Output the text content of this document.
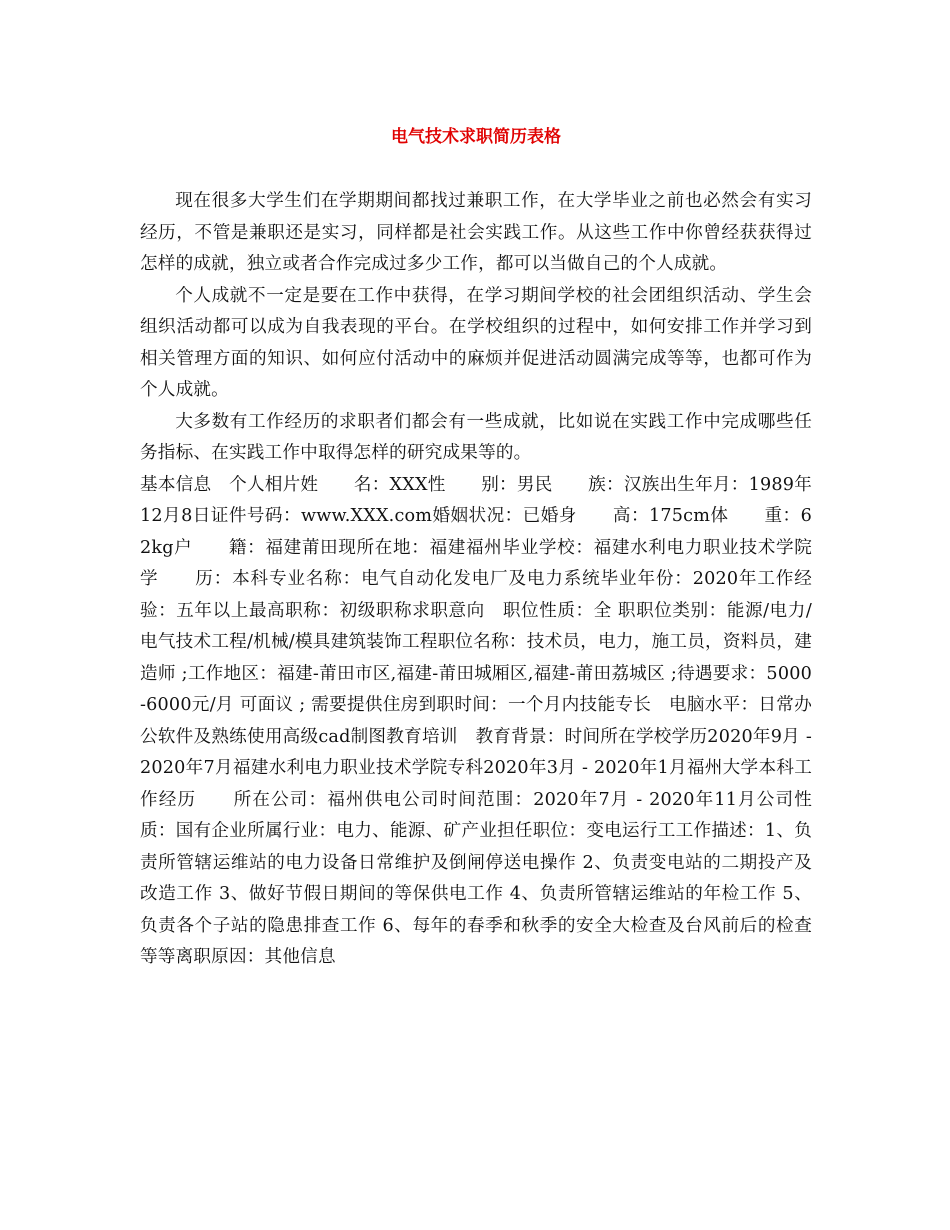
电气技术求职简历表格

现在很多大学生们在学期期间都找过兼职工作，在大学毕业之前也必然会有实习经历，不管是兼职还是实习，同样都是社会实践工作。从这些工作中你曾经获获得过怎样的成就，独立或者合作完成过多少工作，都可以当做自己的个人成就。

个人成就不一定是要在工作中获得，在学习期间学校的社会团组织活动、学生会组织活动都可以成为自我表现的平台。在学校组织的过程中，如何安排工作并学习到相关管理方面的知识、如何应付活动中的麻烦并促进活动圆满完成等等，也都可作为个人成就。

大多数有工作经历的求职者们都会有一些成就，比如说在实践工作中完成哪些任务指标、在实践工作中取得怎样的研究成果等的。

基本信息　个人相片姓　　名：XXX性　　别：男民　　族：汉族出生年月：1989年12月8日证件号码：www.XXX.com婚姻状况：已婚身　　高：175cm体　　重：62kg户　　籍：福建莆田现所在地：福建福州毕业学校：福建水利电力职业技术学院学　　历：本科专业名称：电气自动化发电厂及电力系统毕业年份：2020年工作经验：五年以上最高职称：初级职称求职意向　职位性质：全 职职位类别：能源/电力/电气技术工程/机械/模具建筑装饰工程职位名称：技术员，电力，施工员，资料员，建造师 ;工作地区：福建-莆田市区,福建-莆田城厢区,福建-莆田荔城区 ;待遇要求：5000-6000元/月 可面议 ; 需要提供住房到职时间：一个月内技能专长　电脑水平：日常办公软件及熟练使用高级cad制图教育培训　教育背景：时间所在学校学历2020年9月 - 2020年7月福建水利电力职业技术学院专科2020年3月 - 2020年1月福州大学本科工作经历　　所在公司：福州供电公司时间范围：2020年7月 - 2020年11月公司性质：国有企业所属行业：电力、能源、矿产业担任职位：变电运行工工作描述：1、负责所管辖运维站的电力设备日常维护及倒闸停送电操作 2、负责变电站的二期投产及改造工作 3、做好节假日期间的等保供电工作 4、负责所管辖运维站的年检工作 5、负责各个子站的隐患排查工作 6、每年的春季和秋季的安全大检查及台风前后的检查等等离职原因：其他信息
